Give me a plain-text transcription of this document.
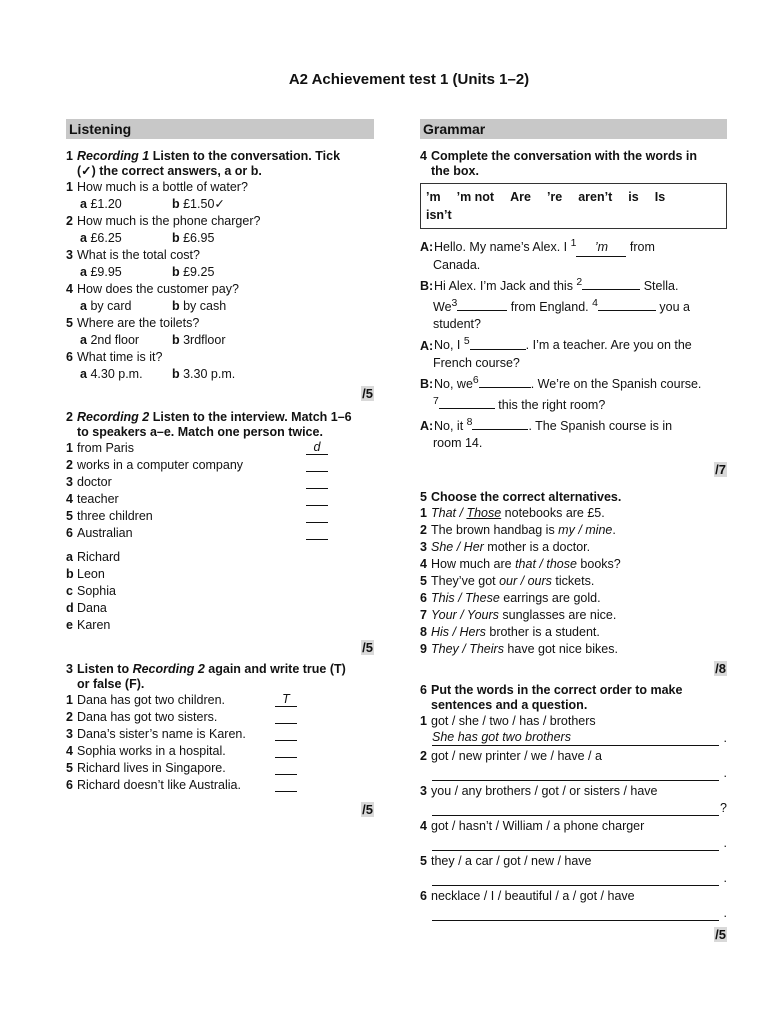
A2 Achievement test 1 (Units 1–2)
Listening
1 Recording 1 Listen to the conversation. Tick
(✓) the correct answers, a or b.
1 How much is a bottle of water?
a £1.20	b £1.50✓
2 How much is the phone charger?
a £6.25	b £6.95
3 What is the total cost?
a £9.95	b £9.25
4 How does the customer pay?
a by card	b by cash
5 Where are the toilets?
a 2nd floor	b 3rdfloor
6 What time is it?
a 4.30 p.m. b 3.30 p.m.
/5
2 Recording 2 Listen to the interview. Match 1–6
to speakers a–e. Match one person twice.
1 from Paris	d
2 works in a computer company
3 doctor
4 teacher
5 three children
6 Australian
a Richard
b Leon
c Sophia
d Dana
e Karen
/5
3 Listen to Recording 2 again and write true (T)
or false (F).
1 Dana has got two children.	T
2 Dana has got two sisters.
3 Dana’s sister’s name is Karen.
4 Sophia works in a hospital.
5 Richard lives in Singapore.
6 Richard doesn’t like Australia.
/5
Grammar
4 Complete the conversation with the words in
the box.
’m ’m not Are ’re aren’t is Is
isn’t
A:Hello. My name’s Alex. I $^1$ ’m from
Canada.
B:Hi Alex. I’m Jack and this $^2$	Stella.
We$^3$	from England. $^4$	you a
student?
A:No, I $^5$	. I’m a teacher. Are you on the
French course?
B:No, $we^6$	. We’re on the Spanish course.
$^7$	this the right room?
A:No, it $^8$	. The Spanish course is in
room 14.
/7
5 Choose the correct alternatives.
1 That / Those notebooks are £5.
2 The brown handbag is my / mine.
3 She / Her mother is a doctor.
4 How much are that / those books?
5 They’ve got our / ours tickets.
6 This / These earrings are gold.
7 Your / Yours sunglasses are nice.
8 His / Hers brother is a student.
9 They / Theirs have got nice bikes.
/8
6 Put the words in the correct order to make
sentences and a question.
1 got / she / two / has / brothers
She has got two brothers	.
2 got / new printer / we / have / a
.
3 you / any brothers / got / or sisters / have
?
4 got / hasn’t / William / a phone charger
.
5 they / a car / got / new / have
.
6 necklace / I / beautiful / a / got / have
.
/5
